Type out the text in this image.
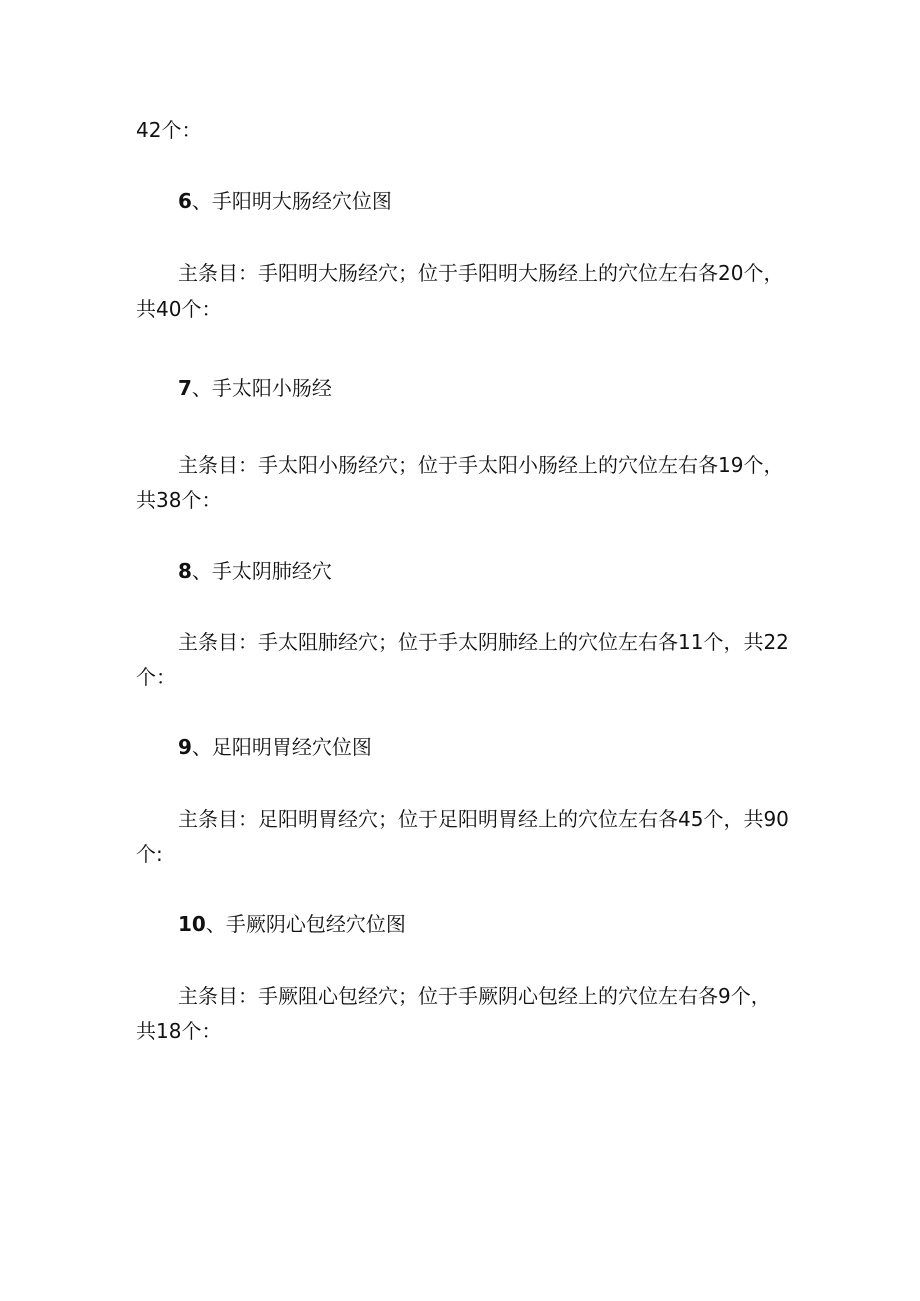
42个：
6、手阳明大肠经穴位图
主条目：手阳明大肠经穴；位于手阳明大肠经上的穴位左右各20个，
共40个：
7、手太阳小肠经
主条目：手太阳小肠经穴；位于手太阳小肠经上的穴位左右各19个，
共38个：
8、手太阴肺经穴
主条目：手太阻肺经穴；位于手太阴肺经上的穴位左右各11个，共22
个：
9、足阳明胃经穴位图
主条目：足阳明胃经穴；位于足阳明胃经上的穴位左右各45个，共90
个:
10、手厥阴心包经穴位图
主条目：手厥阻心包经穴；位于手厥阴心包经上的穴位左右各9个，
共18个：
